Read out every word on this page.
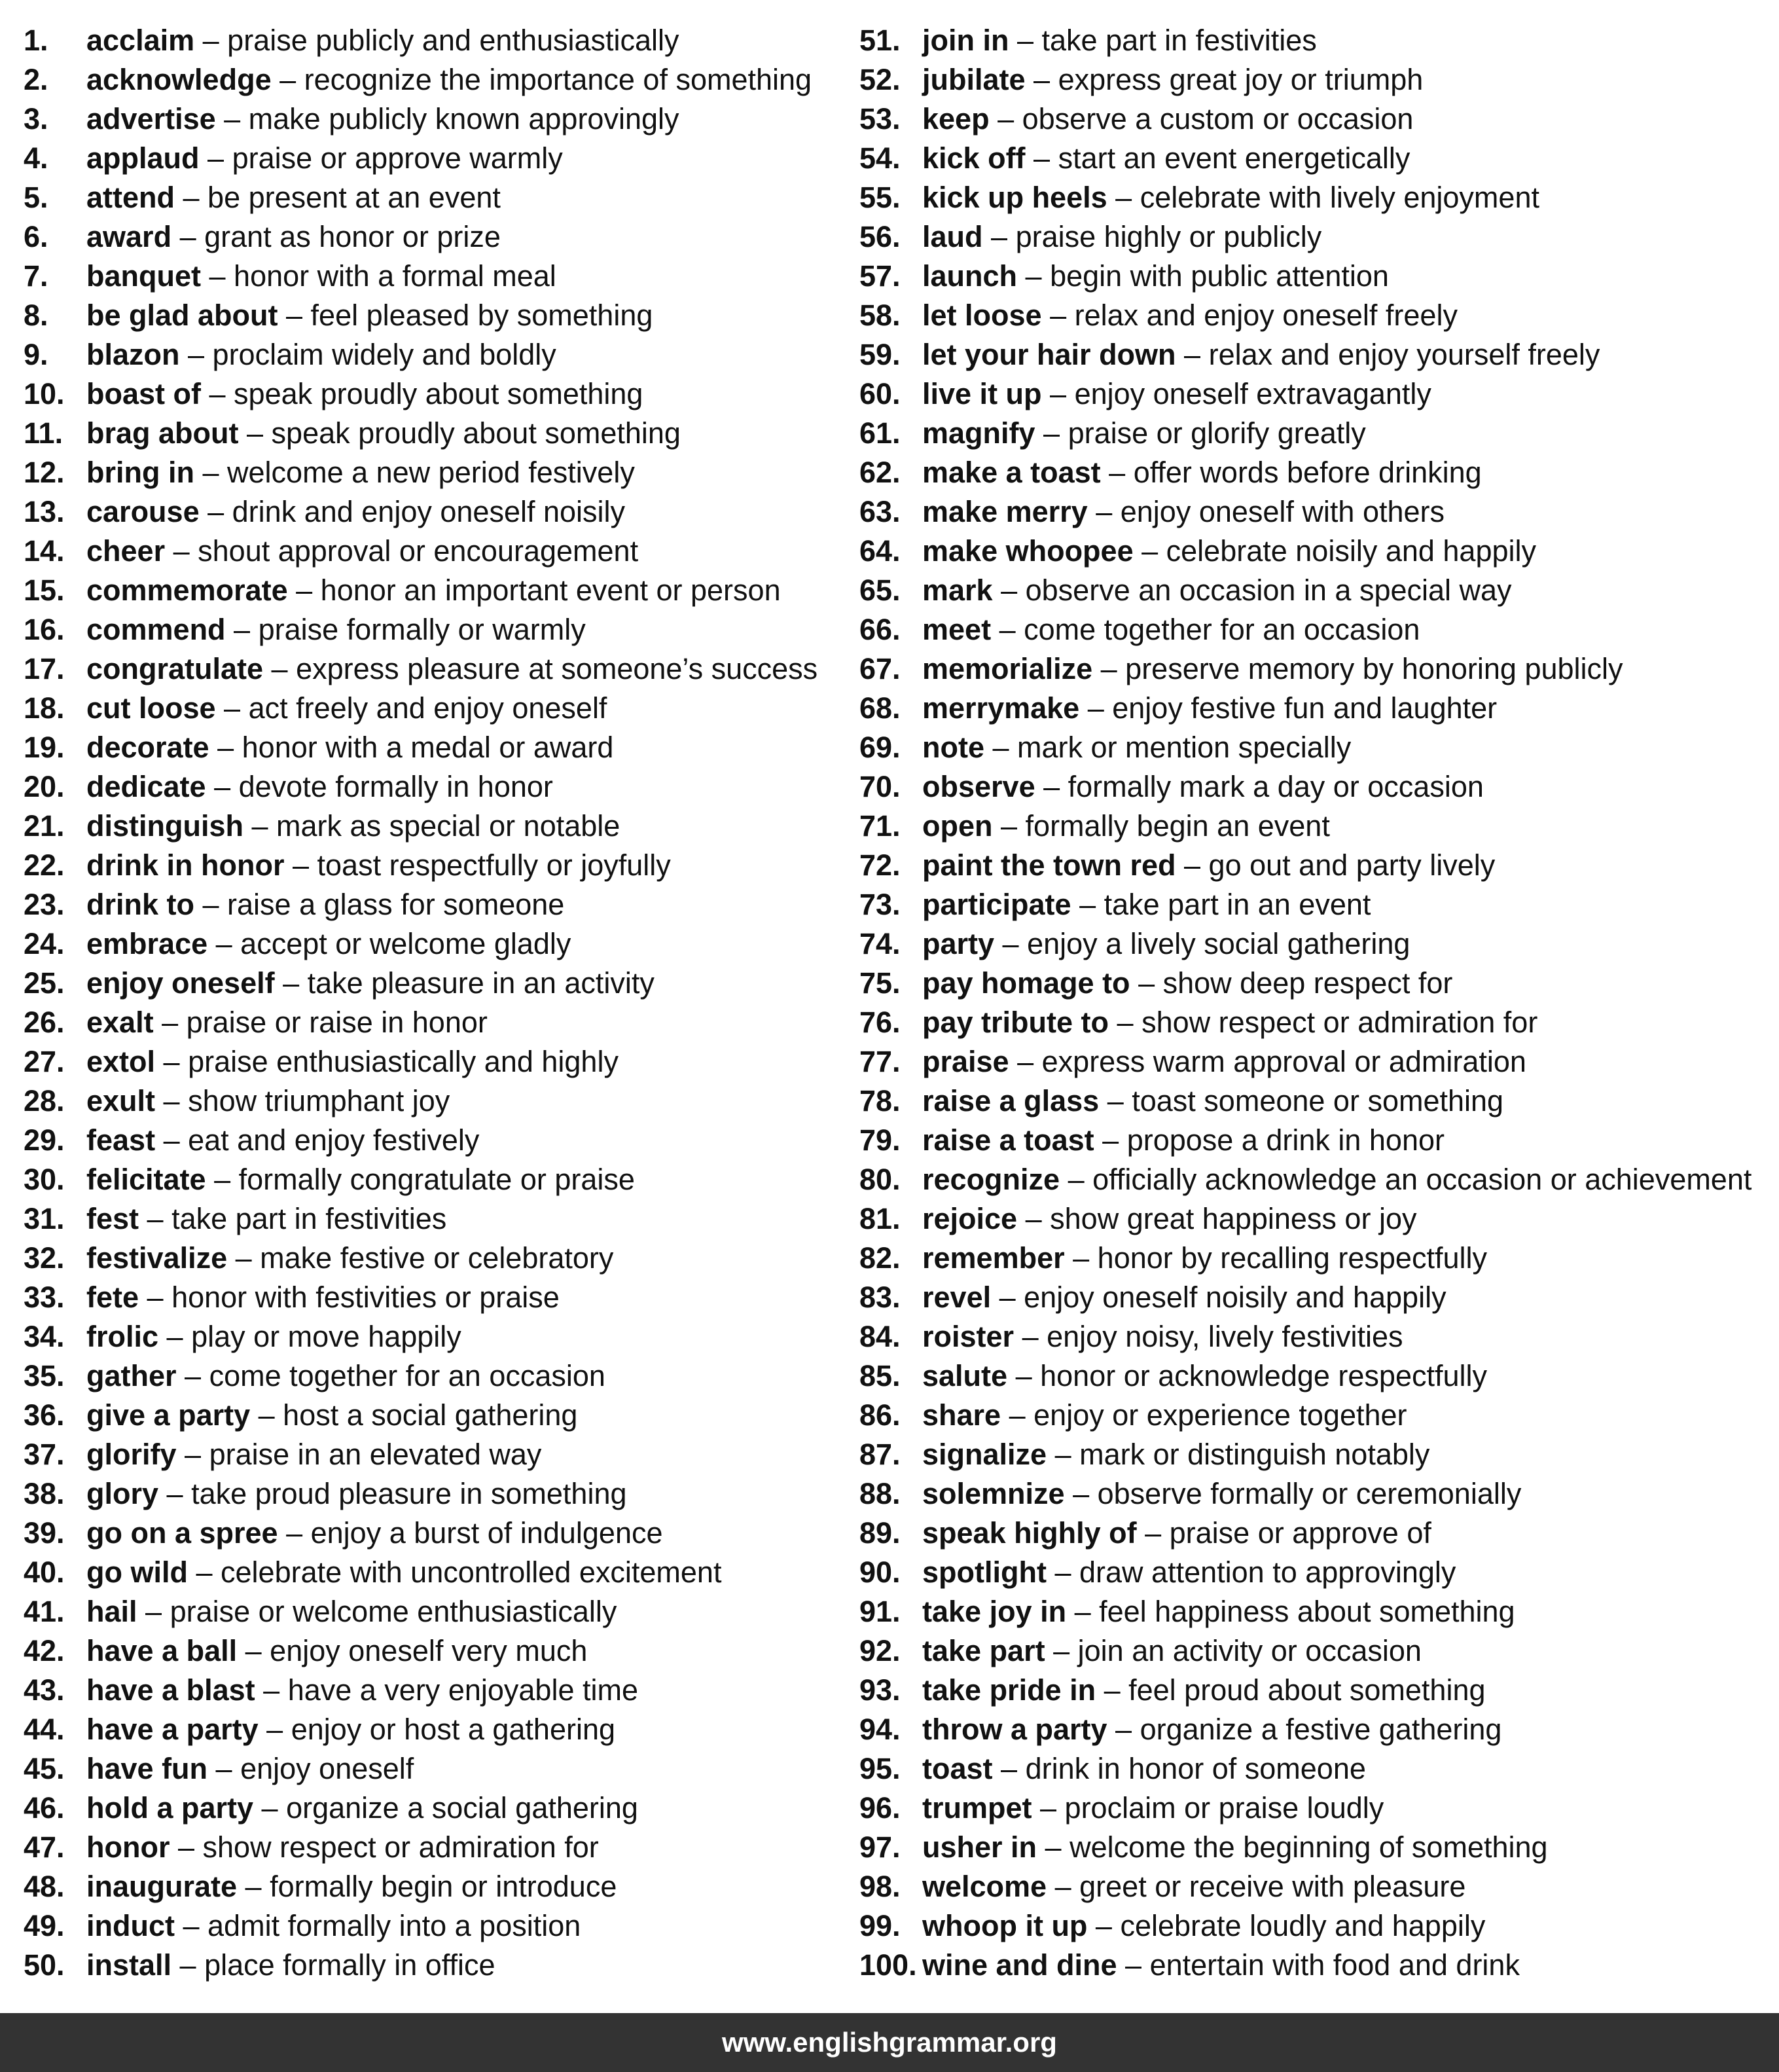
1. acclaim – praise publicly and enthusiastically
2. acknowledge – recognize the importance of something
3. advertise – make publicly known approvingly
4. applaud – praise or approve warmly
5. attend – be present at an event
6. award – grant as honor or prize
7. banquet – honor with a formal meal
8. be glad about – feel pleased by something
9. blazon – proclaim widely and boldly
10. boast of – speak proudly about something
11. brag about – speak proudly about something
12. bring in – welcome a new period festively
13. carouse – drink and enjoy oneself noisily
14. cheer – shout approval or encouragement
15. commemorate – honor an important event or person
16. commend – praise formally or warmly
17. congratulate – express pleasure at someone’s success
18. cut loose – act freely and enjoy oneself
19. decorate – honor with a medal or award
20. dedicate – devote formally in honor
21. distinguish – mark as special or notable
22. drink in honor – toast respectfully or joyfully
23. drink to – raise a glass for someone
24. embrace – accept or welcome gladly
25. enjoy oneself – take pleasure in an activity
26. exalt – praise or raise in honor
27. extol – praise enthusiastically and highly
28. exult – show triumphant joy
29. feast – eat and enjoy festively
30. felicitate – formally congratulate or praise
31. fest – take part in festivities
32. festivalize – make festive or celebratory
33. fete – honor with festivities or praise
34. frolic – play or move happily
35. gather – come together for an occasion
36. give a party – host a social gathering
37. glorify – praise in an elevated way
38. glory – take proud pleasure in something
39. go on a spree – enjoy a burst of indulgence
40. go wild – celebrate with uncontrolled excitement
41. hail – praise or welcome enthusiastically
42. have a ball – enjoy oneself very much
43. have a blast – have a very enjoyable time
44. have a party – enjoy or host a gathering
45. have fun – enjoy oneself
46. hold a party – organize a social gathering
47. honor – show respect or admiration for
48. inaugurate – formally begin or introduce
49. induct – admit formally into a position
50. install – place formally in office
51. join in – take part in festivities
52. jubilate – express great joy or triumph
53. keep – observe a custom or occasion
54. kick off – start an event energetically
55. kick up heels – celebrate with lively enjoyment
56. laud – praise highly or publicly
57. launch – begin with public attention
58. let loose – relax and enjoy oneself freely
59. let your hair down – relax and enjoy yourself freely
60. live it up – enjoy oneself extravagantly
61. magnify – praise or glorify greatly
62. make a toast – offer words before drinking
63. make merry – enjoy oneself with others
64. make whoopee – celebrate noisily and happily
65. mark – observe an occasion in a special way
66. meet – come together for an occasion
67. memorialize – preserve memory by honoring publicly
68. merrymake – enjoy festive fun and laughter
69. note – mark or mention specially
70. observe – formally mark a day or occasion
71. open – formally begin an event
72. paint the town red – go out and party lively
73. participate – take part in an event
74. party – enjoy a lively social gathering
75. pay homage to – show deep respect for
76. pay tribute to – show respect or admiration for
77. praise – express warm approval or admiration
78. raise a glass – toast someone or something
79. raise a toast – propose a drink in honor
80. recognize – officially acknowledge an occasion or achievement
81. rejoice – show great happiness or joy
82. remember – honor by recalling respectfully
83. revel – enjoy oneself noisily and happily
84. roister – enjoy noisy, lively festivities
85. salute – honor or acknowledge respectfully
86. share – enjoy or experience together
87. signalize – mark or distinguish notably
88. solemnize – observe formally or ceremonially
89. speak highly of – praise or approve of
90. spotlight – draw attention to approvingly
91. take joy in – feel happiness about something
92. take part – join an activity or occasion
93. take pride in – feel proud about something
94. throw a party – organize a festive gathering
95. toast – drink in honor of someone
96. trumpet – proclaim or praise loudly
97. usher in – welcome the beginning of something
98. welcome – greet or receive with pleasure
99. whoop it up – celebrate loudly and happily
100. wine and dine – entertain with food and drink
www.englishgrammar.org
